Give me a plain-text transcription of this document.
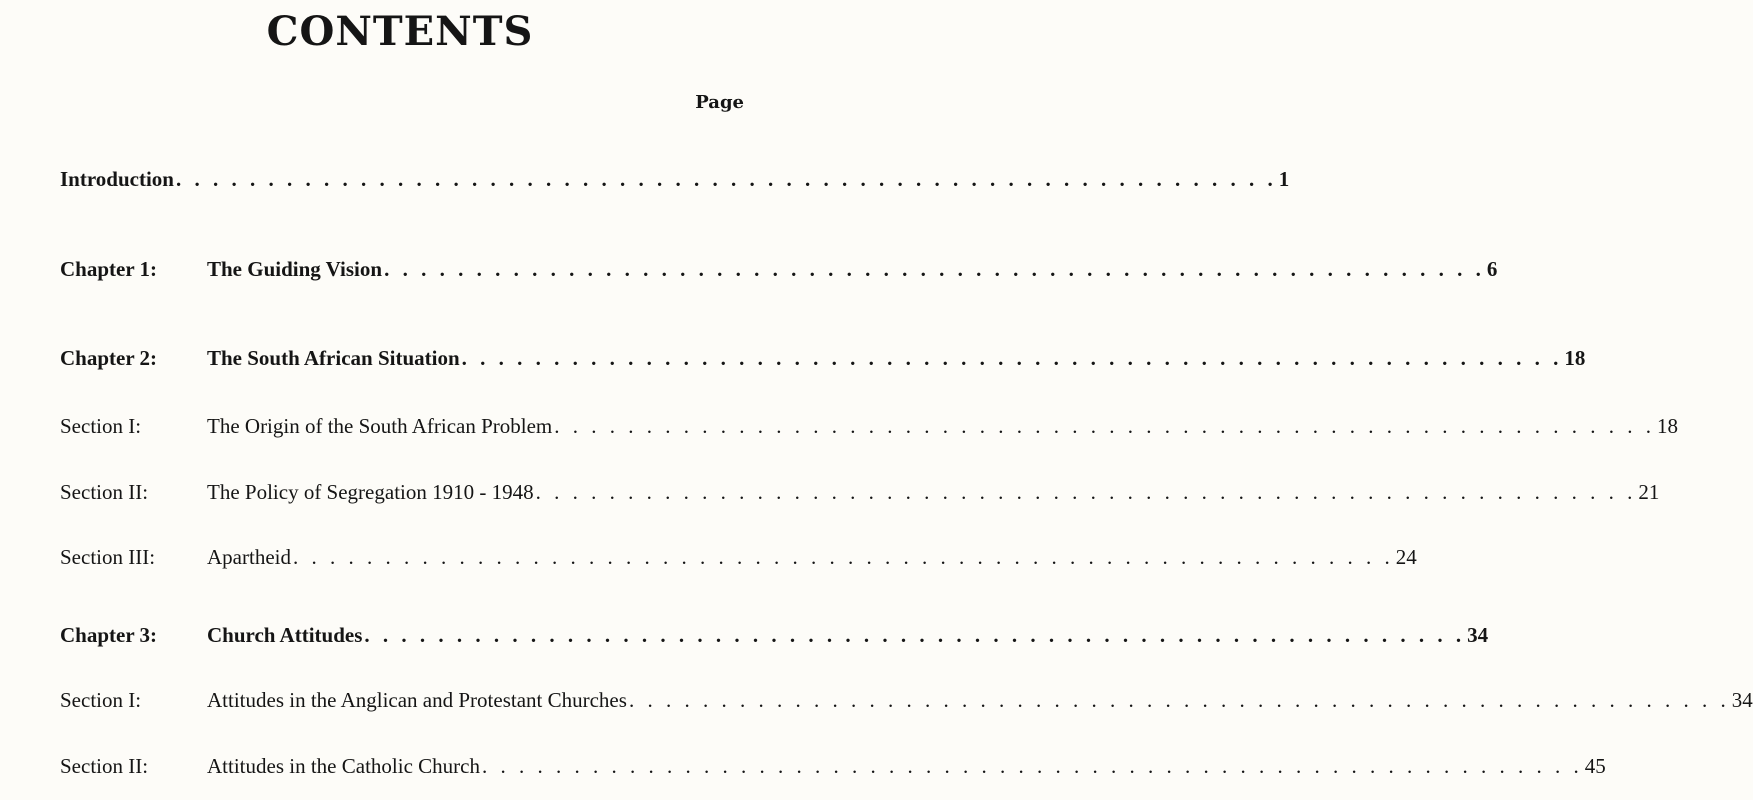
CONTENTS
Page
Introduction . . . . . . . . . . . . . . . . . . . . . . . . . . . . . . . . . . . . . . . . . . . . . . . . . . . . . . . . . . . . 1
Chapter 1:	The Guiding Vision . . . . . . . . . . . . . . . . . . . . . . . . . . . . . . . . . . . . . . . . . . . . . . . . . . . . . . . . . . . . 6
Chapter 2:	The South African Situation . . . . . . . . . . . . . . . . . . . . . . . . . . . . . . . . . . . . . . . . . . . . . . . . . . . . . . . . . . . . 18
Section I:	The Origin of the South African Problem . . . . . . . . . . . . . . . . . . . . . . . . . . . . . . . . . . . . . . . . . . . . . . . . . . . . . . . . . . . . 18
Section II:	The Policy of Segregation 1910 - 1948 . . . . . . . . . . . . . . . . . . . . . . . . . . . . . . . . . . . . . . . . . . . . . . . . . . . . . . . . . . . . 21
Section III:	Apartheid . . . . . . . . . . . . . . . . . . . . . . . . . . . . . . . . . . . . . . . . . . . . . . . . . . . . . . . . . . . . 24
Chapter 3:	Church Attitudes . . . . . . . . . . . . . . . . . . . . . . . . . . . . . . . . . . . . . . . . . . . . . . . . . . . . . . . . . . . . 34
Section I:	Attitudes in the Anglican and Protestant Churches . . . . . . . . . . . . . . . . . . . . . . . . . . . . . . . . . . . . . . . . . . . . . . . . . . . . . . . . . . . . 34
Section II:	Attitudes in the Catholic Church . . . . . . . . . . . . . . . . . . . . . . . . . . . . . . . . . . . . . . . . . . . . . . . . . . . . . . . . . . . . 45
